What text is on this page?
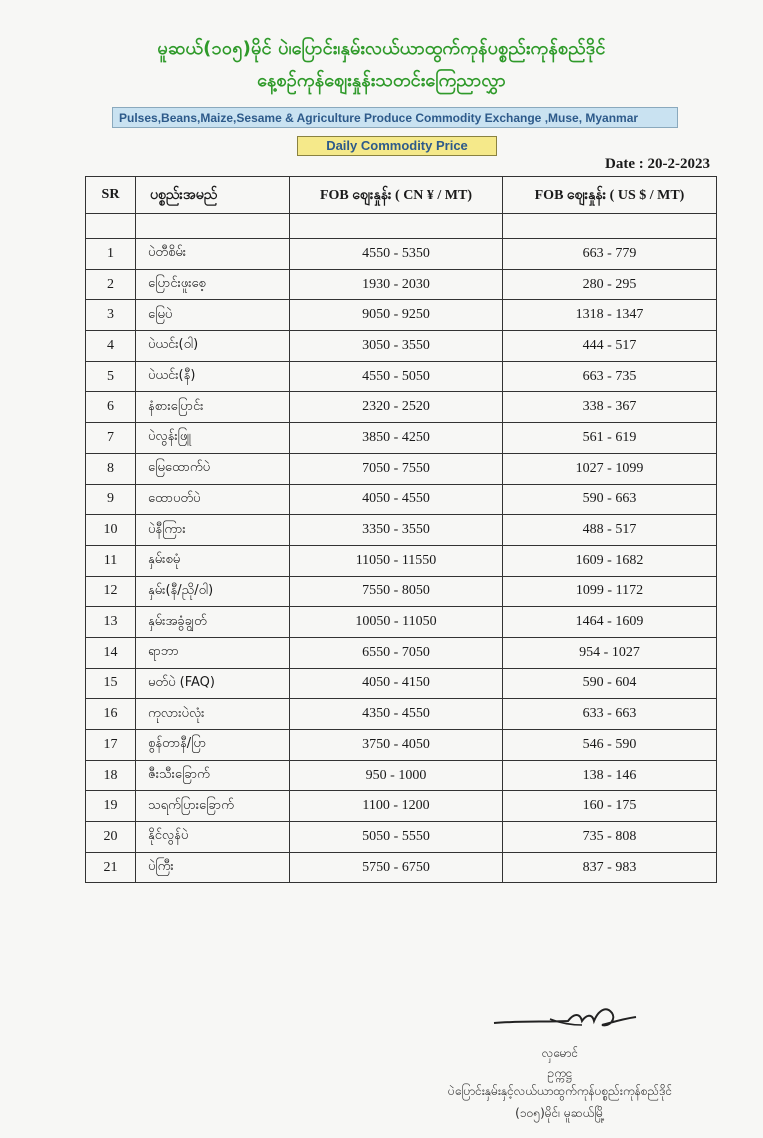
မူဆယ်(၁၀၅)မိုင် ပဲ၊ပြောင်း၊နှမ်းလယ်ယာထွက်ကုန်ပစ္စည်းကုန်စည်ဒိုင်
နေ့စဉ်ကုန်စျေးနှုန်းသတင်းကြေညာလွှာ
Pulses,Beans,Maize,Sesame & Agriculture Produce Commodity Exchange ,Muse, Myanmar
Daily Commodity Price
Date : 20-2-2023
SR	ပစ္စည်းအမည်	FOB စျေးနှုန်း ( CN ¥ / MT)	FOB စျေးနှုန်း ( US $ / MT)

1	ပဲတီစိမ်း	4550 - 5350	663 - 779
2	ပြောင်းဖူးစေ့	1930 - 2030	280 - 295
3	မြေပဲ	9050 - 9250	1318 - 1347
4	ပဲယင်း(ဝါ)	3050 - 3550	444 - 517
5	ပဲယင်း(နီ)	4550 - 5050	663 - 735
6	နံစားပြောင်း	2320 - 2520	338 - 367
7	ပဲလွန်းဖြူ	3850 - 4250	561 - 619
8	မြေထောက်ပဲ	7050 - 7550	1027 - 1099
9	ထောပတ်ပဲ	4050 - 4550	590 - 663
10	ပဲနီကြား	3350 - 3550	488 - 517
11	နှမ်းစမုံ	11050 - 11550	1609 - 1682
12	နှမ်း(နီ/ညို/ဝါ)	7550 - 8050	1099 - 1172
13	နှမ်းအခွံချွတ်	10050 - 11050	1464 - 1609
14	ရာဘာ	6550 - 7050	954 - 1027
15	မတ်ပဲ (FAQ)	4050 - 4150	590 - 604
16	ကုလားပဲလုံး	4350 - 4550	633 - 663
17	စွန်တာနီ/ပြာ	3750 - 4050	546 - 590
18	ဇီးသီးခြောက်	950 - 1000	138 - 146
19	သရက်ပြားခြောက်	1100 - 1200	160 - 175
20	နိုင်လွန်ပဲ	5050 - 5550	735 - 808
21	ပဲကြီး	5750 - 6750	837 - 983
လှမောင်
ဥက္ကဋ္ဌ
ပဲပြောင်းနှမ်းနှင့်လယ်ယာထွက်ကုန်ပစ္စည်းကုန်စည်ဒိုင်
(၁၀၅)မိုင်၊ မူဆယ်မြို့
